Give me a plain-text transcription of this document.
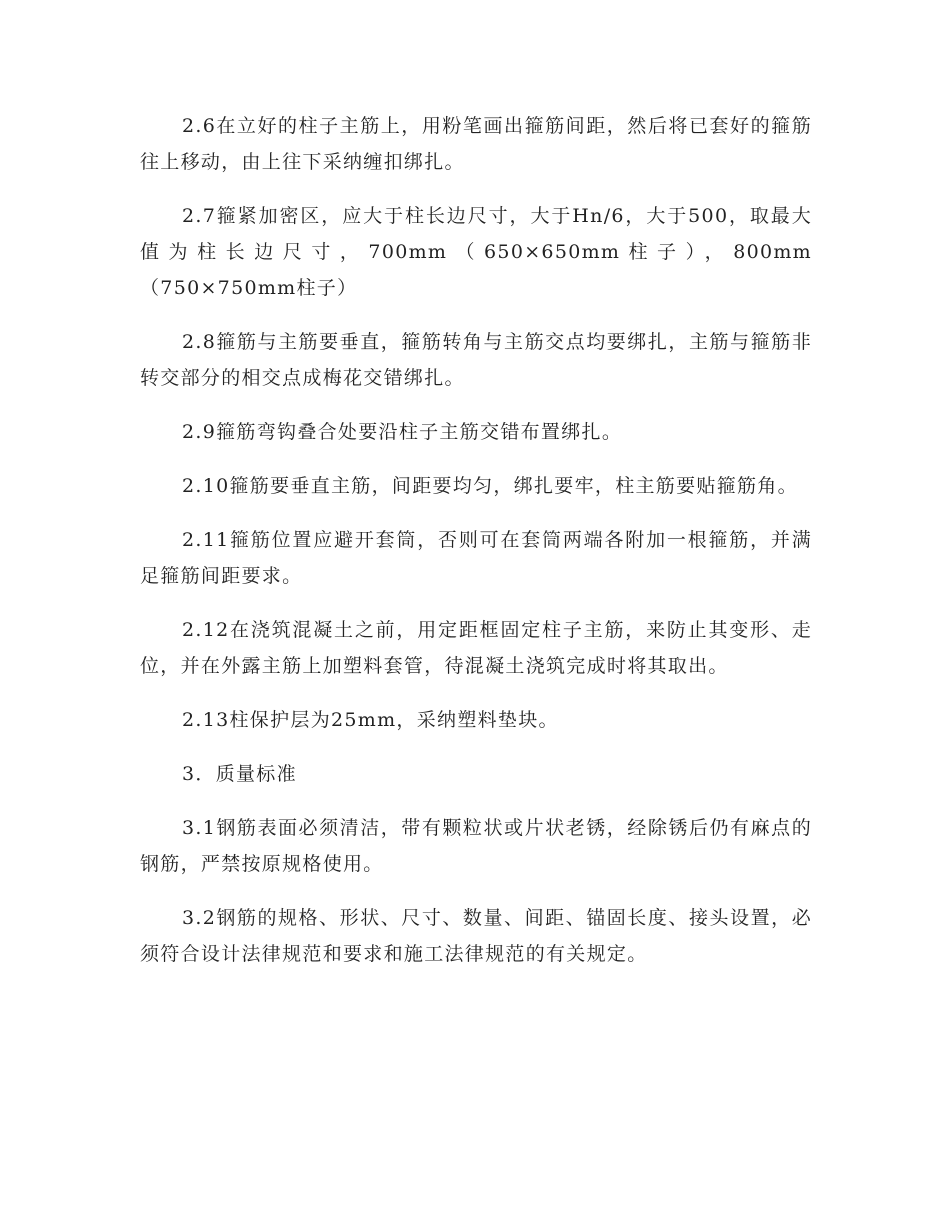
2.6在立好的柱子主筋上，用粉笔画出箍筋间距，然后将已套好的箍筋往上移动，由上往下采纳缠扣绑扎。

2.7箍紧加密区，应大于柱长边尺寸，大于Hn/6，大于500，取最大值为柱长边尺寸，700mm（650×650mm柱子），800mm（750×750mm柱子）

2.8箍筋与主筋要垂直，箍筋转角与主筋交点均要绑扎，主筋与箍筋非转交部分的相交点成梅花交错绑扎。

2.9箍筋弯钩叠合处要沿柱子主筋交错布置绑扎。

2.10箍筋要垂直主筋，间距要均匀，绑扎要牢，柱主筋要贴箍筋角。

2.11箍筋位置应避开套筒，否则可在套筒两端各附加一根箍筋，并满足箍筋间距要求。

2.12在浇筑混凝土之前，用定距框固定柱子主筋，来防止其变形、走位，并在外露主筋上加塑料套管，待混凝土浇筑完成时将其取出。

2.13柱保护层为25mm，采纳塑料垫块。

3．质量标准

3.1钢筋表面必须清洁，带有颗粒状或片状老锈，经除锈后仍有麻点的钢筋，严禁按原规格使用。

3.2钢筋的规格、形状、尺寸、数量、间距、锚固长度、接头设置，必须符合设计法律规范和要求和施工法律规范的有关规定。
